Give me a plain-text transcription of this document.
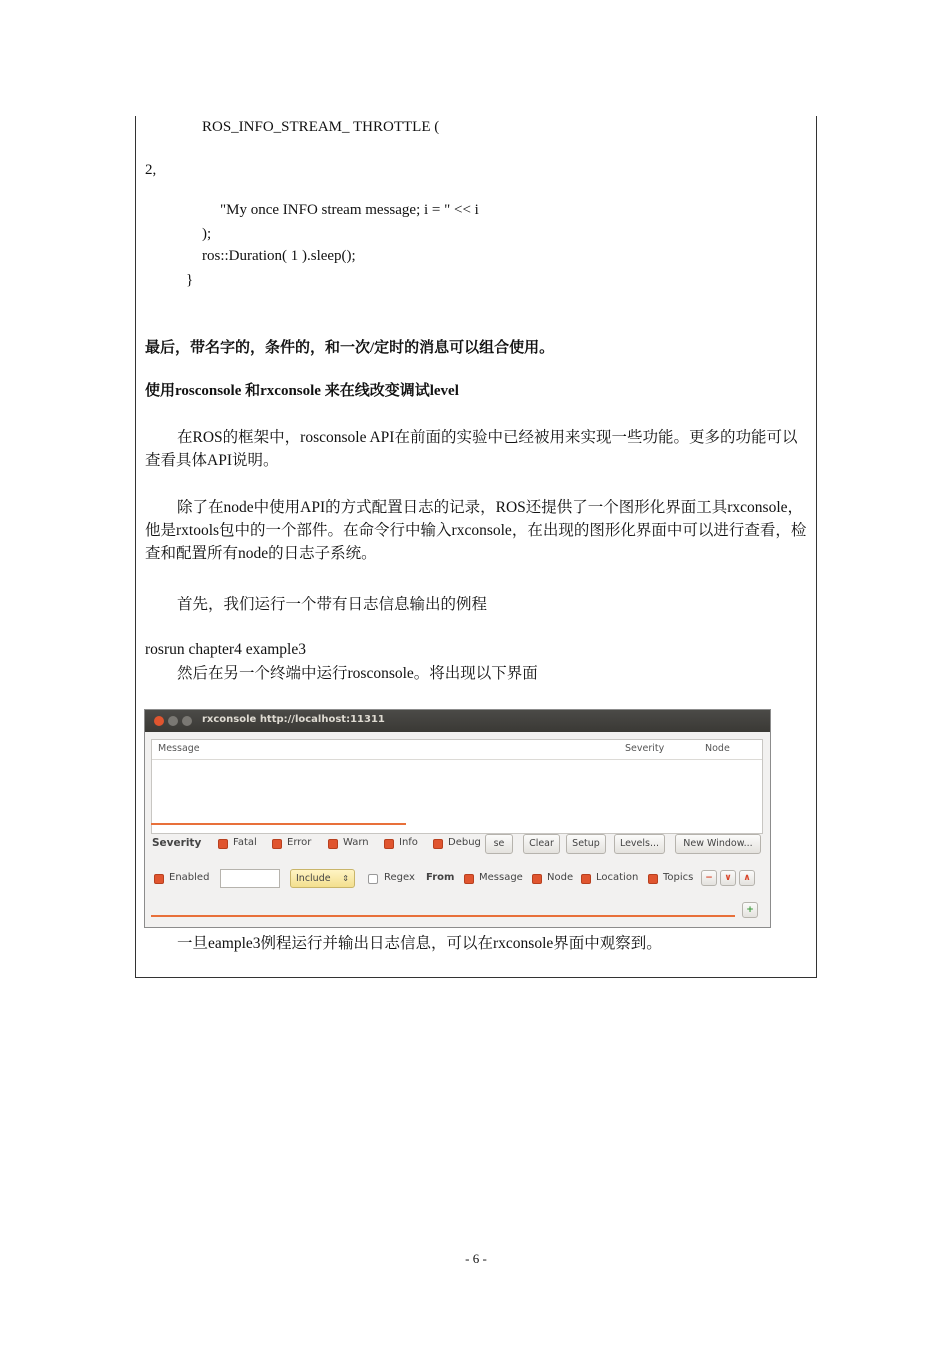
ROS_INFO_STREAM_ THROTTLE (
2,
"My once INFO stream message; i = " << i
);
ros::Duration( 1 ).sleep();
}
最后，带名字的，条件的，和一次/定时的消息可以组合使用。
使用rosconsole 和rxconsole 来在线改变调试level
在ROS的框架中，rosconsole API在前面的实验中已经被用来实现一些功能。更多的功能可以查看具体API说明。
除了在node中使用API的方式配置日志的记录，ROS还提供了一个图形化界面工具rxconsole，他是rxtools包中的一个部件。在命令行中输入rxconsole，在出现的图形化界面中可以进行查看，检查和配置所有node的日志子系统。
首先，我们运行一个带有日志信息输出的例程
rosrun chapter4 example3
然后在另一个终端中运行rosconsole。将出现以下界面
rxconsole http://localhost:11311
Message	Severity	Node
Severity	Fatal	Error	Warn	Info	Debug	se	Clear	Setup	Levels...	New Window...
Enabled	Include ⇕	Regex From Message Node Location Topics	−	∨	∧
+
一旦eample3例程运行并输出日志信息，可以在rxconsole界面中观察到。
- 6 -
